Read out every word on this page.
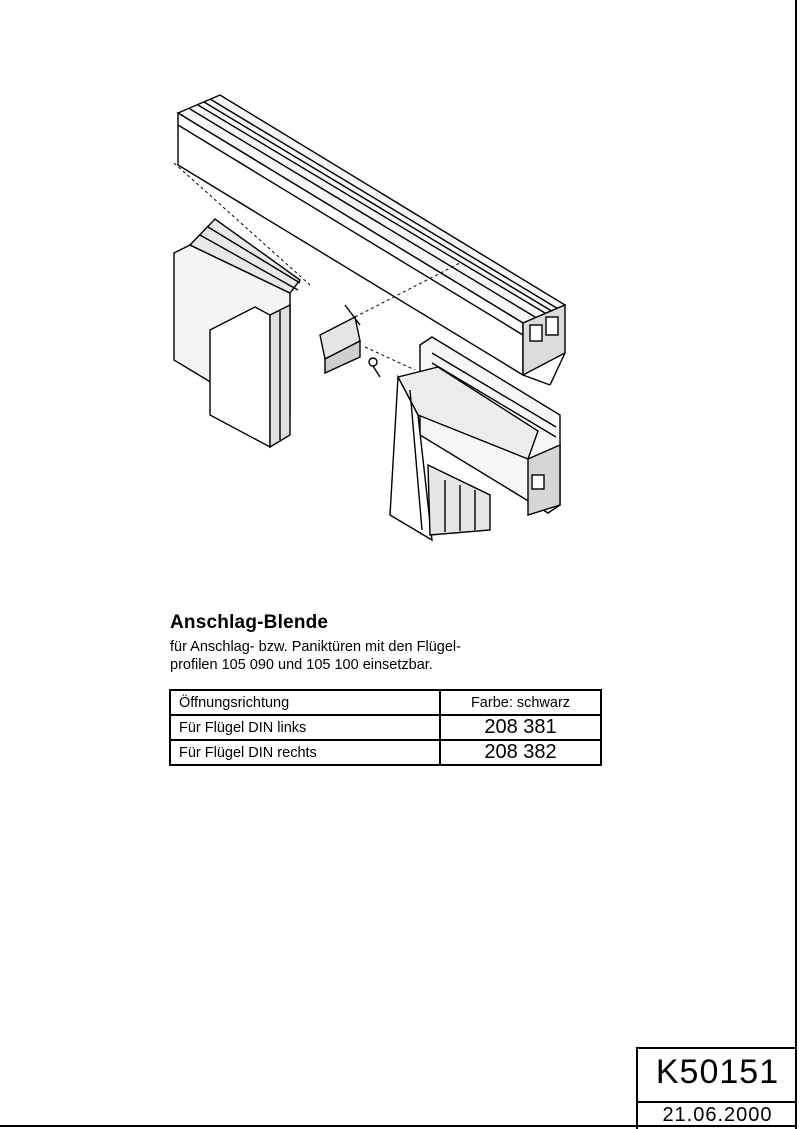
Anschlag-Blende
für Anschlag- bzw. Paniktüren mit den Flügel-
profilen 105 090 und 105 100 einsetzbar.
Öffnungsrichtung	Farbe: schwarz
Für Flügel DIN links	208 381
Für Flügel DIN rechts	208 382
K50151
21.06.2000
